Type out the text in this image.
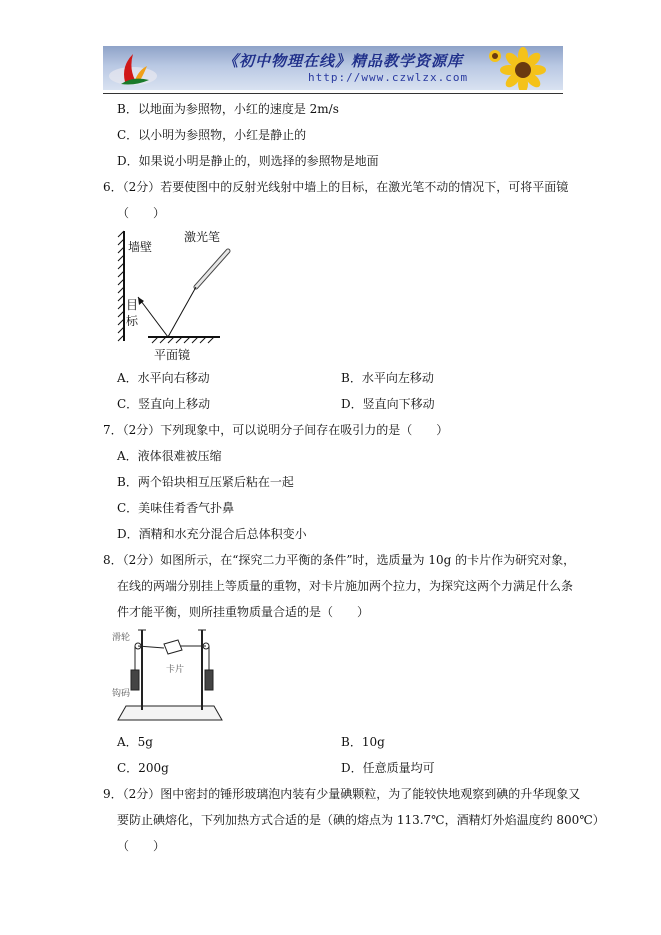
《初中物理在线》精品教学资源库
http://www.czwlzx.com
B．以地面为参照物，小红的速度是 2m/s
C．以小明为参照物，小红是静止的
D．如果说小明是静止的，则选择的参照物是地面
6．（2分）若要使图中的反射光线射中墙上的目标，在激光笔不动的情况下，可将平面镜
（　　）
墙壁
激光笔
目
标
平面镜
A．水平向右移动	B．水平向左移动
C．竖直向上移动	D．竖直向下移动
7．（2分）下列现象中，可以说明分子间存在吸引力的是（　　）
A．液体很难被压缩
B．两个铅块相互压紧后粘在一起
C．美味佳肴香气扑鼻
D．酒精和水充分混合后总体积变小
8．（2分）如图所示，在“探究二力平衡的条件”时，选质量为 10g 的卡片作为研究对象，
在线的两端分别挂上等质量的重物，对卡片施加两个拉力，为探究这两个力满足什么条
件才能平衡，则所挂重物质量合适的是（　　）
滑轮
卡片
钩码
A．5g	B．10g
C．200g	D．任意质量均可
9．（2分）图中密封的锤形玻璃泡内装有少量碘颗粒，为了能较快地观察到碘的升华现象又
要防止碘熔化，下列加热方式合适的是（碘的熔点为 113.7℃，酒精灯外焰温度约 800℃）
（　　）
